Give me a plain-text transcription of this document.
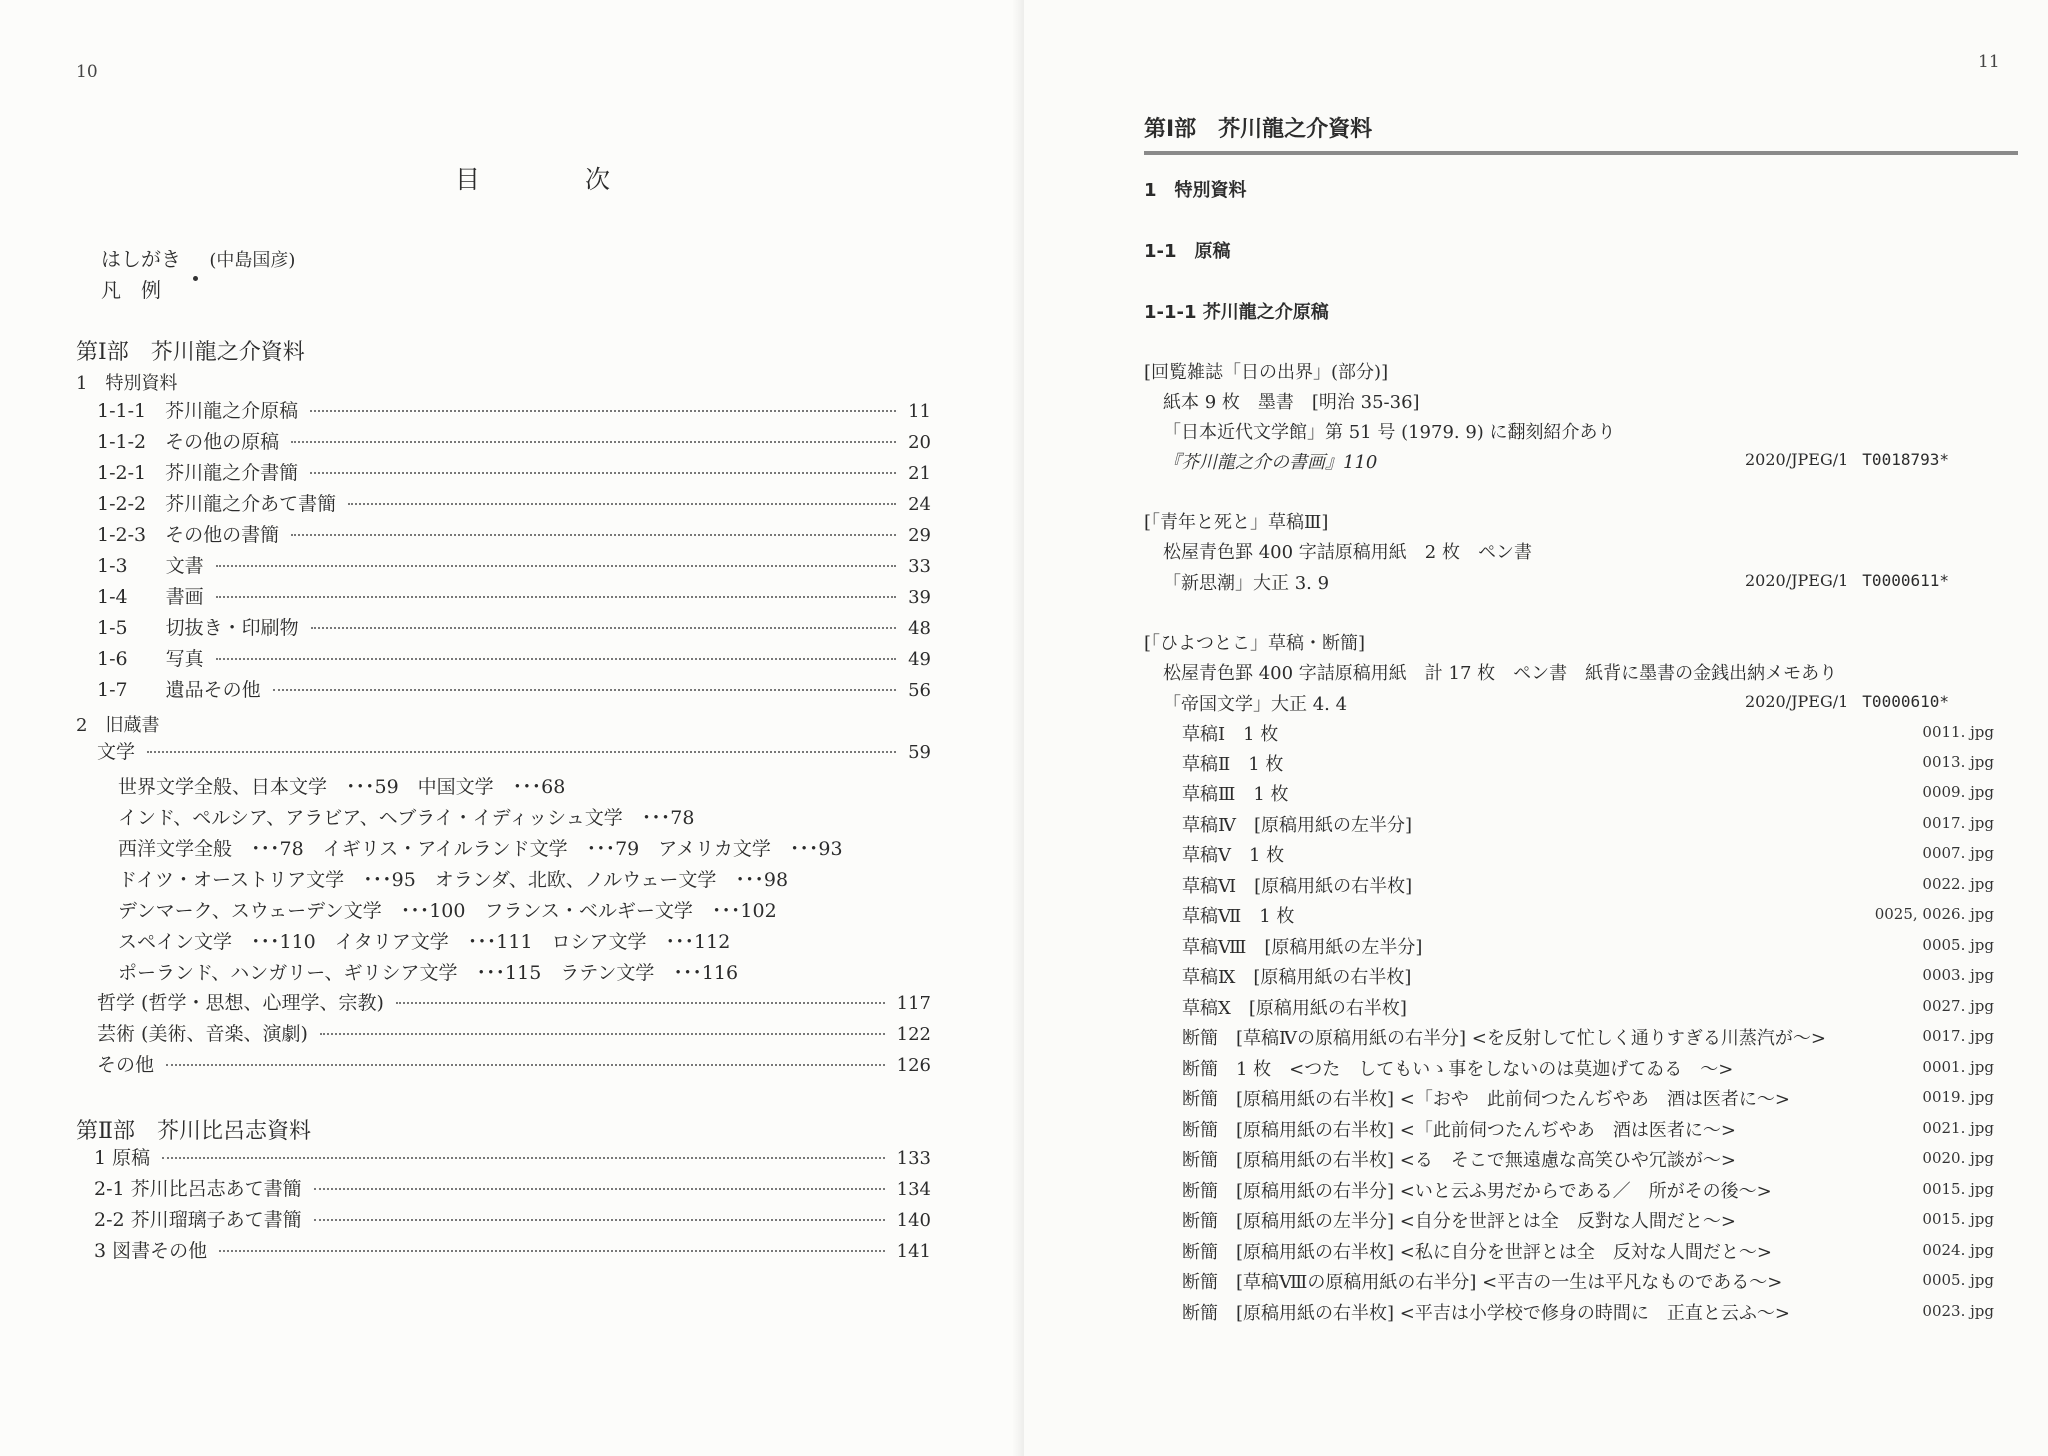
10
目　次
はしがき (中島国彦)
凡　例
第Ⅰ部　芥川龍之介資料
1　特別資料
1-1-1　芥川龍之介原稿	11
1-1-2　その他の原稿	20
1-2-1　芥川龍之介書簡	21
1-2-2　芥川龍之介あて書簡	24
1-2-3　その他の書簡	29
1-3　　文書	33
1-4　　書画	39
1-5　　切抜き・印刷物	48
1-6　　写真	49
1-7　　遺品その他	56
2　旧蔵書
文学	59
世界文学全般、日本文学　･･･59　中国文学　･･･68
インド、ペルシア、アラビア、ヘブライ・イディッシュ文学　･･･78
西洋文学全般　･･･78　イギリス・アイルランド文学　･･･79　アメリカ文学　･･･93
ドイツ・オーストリア文学　･･･95　オランダ、北欧、ノルウェー文学　･･･98
デンマーク、スウェーデン文学　･･･100　フランス・ベルギー文学　･･･102
スペイン文学　･･･110　イタリア文学　･･･111　ロシア文学　･･･112
ポーランド、ハンガリー、ギリシア文学　･･･115　ラテン文学　･･･116
哲学 (哲学・思想、心理学、宗教)	117
芸術 (美術、音楽、演劇)	122
その他	126
第Ⅱ部　芥川比呂志資料
1 原稿	133
2-1 芥川比呂志あて書簡	134
2-2 芥川瑠璃子あて書簡	140
3 図書その他	141
11
第Ⅰ部　芥川龍之介資料
1　特別資料
1-1　原稿
1-1-1 芥川龍之介原稿
[回覧雑誌「日の出界」(部分)]
紙本 9 枚　墨書　[明治 35-36]
「日本近代文学館」第 51 号 (1979. 9) に翻刻紹介あり
『芥川龍之介の書画』110	2020/JPEG/1 T0018793*
[「青年と死と」草稿Ⅲ]
松屋青色罫 400 字詰原稿用紙　2 枚　ペン書
「新思潮」大正 3. 9	2020/JPEG/1 T0000611*
[「ひよつとこ」草稿・断簡]
松屋青色罫 400 字詰原稿用紙　計 17 枚　ペン書　紙背に墨書の金銭出納メモあり
「帝国文学」大正 4. 4	2020/JPEG/1 T0000610*
草稿Ⅰ　1 枚	0011. jpg
草稿Ⅱ　1 枚	0013. jpg
草稿Ⅲ　1 枚	0009. jpg
草稿Ⅳ　[原稿用紙の左半分]	0017. jpg
草稿Ⅴ　1 枚	0007. jpg
草稿Ⅵ　[原稿用紙の右半枚]	0022. jpg
草稿Ⅶ　1 枚	0025, 0026. jpg
草稿Ⅷ　[原稿用紙の左半分]	0005. jpg
草稿Ⅸ　[原稿用紙の右半枚]	0003. jpg
草稿Ⅹ　[原稿用紙の右半枚]	0027. jpg
断簡　[草稿Ⅳの原稿用紙の右半分] <を反射して忙しく通りすぎる川蒸汽が～>	0017. jpg
断簡　1 枚　<つた　してもいゝ事をしないのは莫迦げてゐる　～>	0001. jpg
断簡　[原稿用紙の右半枚] <「おや　此前伺つたんぢやあ　酒は医者に～>	0019. jpg
断簡　[原稿用紙の右半枚] <「此前伺つたんぢやあ　酒は医者に～>	0021. jpg
断簡　[原稿用紙の右半枚] <る　そこで無遠慮な高笑ひや冗談が～>	0020. jpg
断簡　[原稿用紙の右半分] <いと云ふ男だからである／　所がその後～>	0015. jpg
断簡　[原稿用紙の左半分] <自分を世評とは全　反對な人間だと～>	0015. jpg
断簡　[原稿用紙の右半枚] <私に自分を世評とは全　反対な人間だと～>	0024. jpg
断簡　[草稿Ⅷの原稿用紙の右半分] <平吉の一生は平凡なものである～>	0005. jpg
断簡　[原稿用紙の右半枚] <平吉は小学校で修身の時間に　正直と云ふ～>	0023. jpg
